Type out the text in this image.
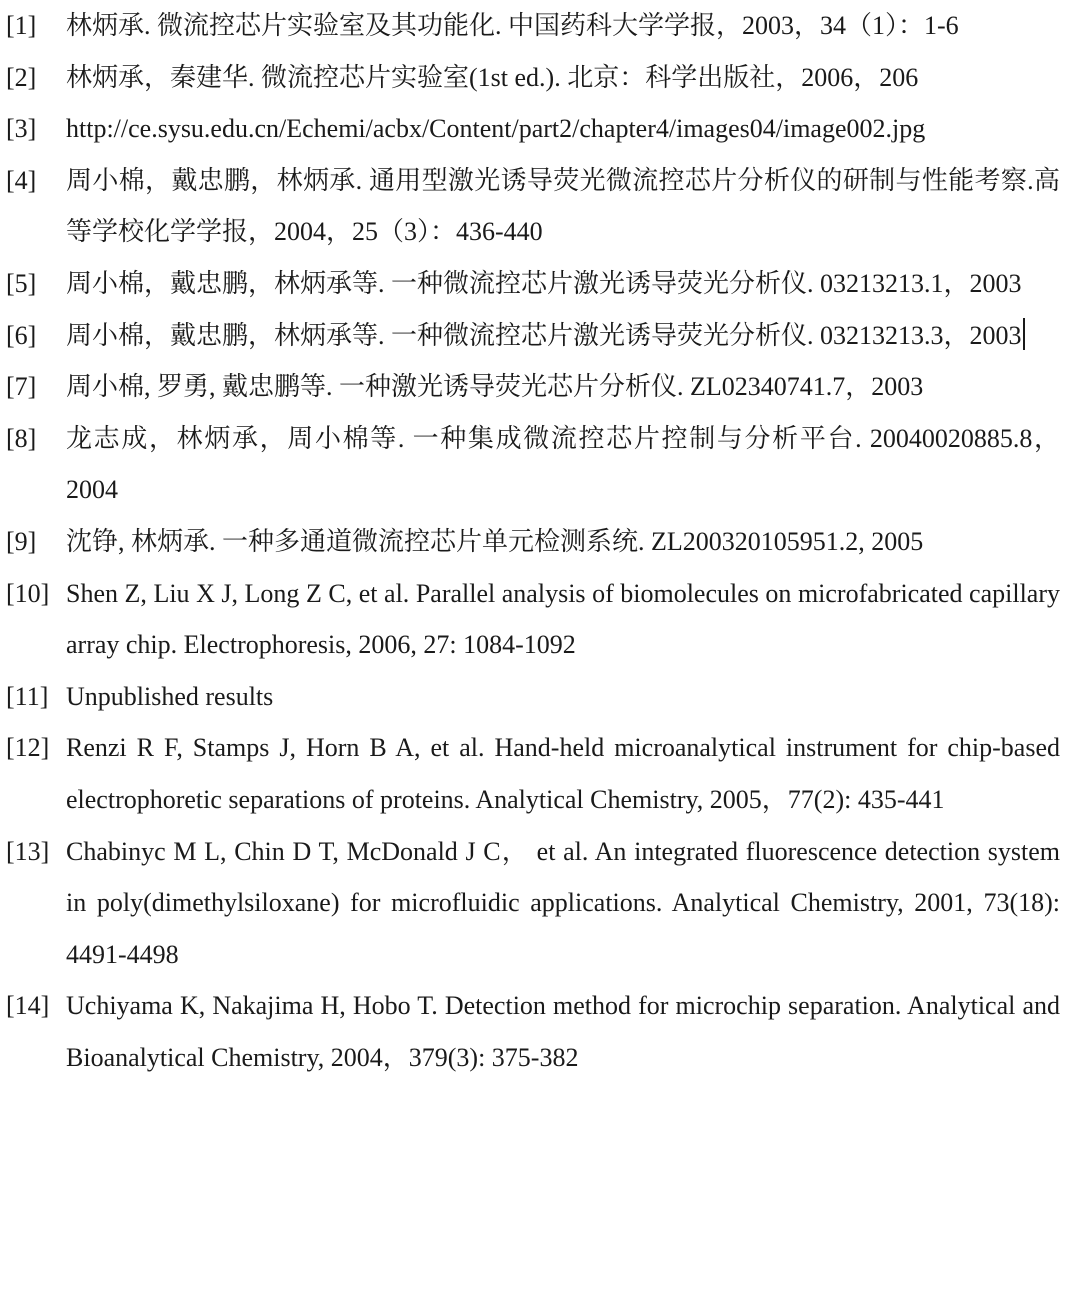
[1] 林炳承. 微流控芯片实验室及其功能化. 中国药科大学学报，2003，34（1）：1-6
[2] 林炳承，秦建华. 微流控芯片实验室(1st ed.). 北京：科学出版社，2006，206
[3] http://ce.sysu.edu.cn/Echemi/acbx/Content/part2/chapter4/images04/image002.jpg
[4] 周小棉，戴忠鹏，林炳承. 通用型激光诱导荧光微流控芯片分析仪的研制与性能考察.高等学校化学学报，2004，25（3）：436-440
[5] 周小棉，戴忠鹏，林炳承等. 一种微流控芯片激光诱导荧光分析仪. 03213213.1，2003
[6] 周小棉，戴忠鹏，林炳承等. 一种微流控芯片激光诱导荧光分析仪. 03213213.3，2003
[7] 周小棉, 罗勇, 戴忠鹏等. 一种激光诱导荧光芯片分析仪. ZL02340741.7，2003
[8] 龙志成，林炳承，周小棉等. 一种集成微流控芯片控制与分析平台. 20040020885.8，2004
[9] 沈铮, 林炳承. 一种多通道微流控芯片单元检测系统. ZL200320105951.2, 2005
[10] Shen Z, Liu X J, Long Z C, et al. Parallel analysis of biomolecules on microfabricated capillary array chip. Electrophoresis, 2006, 27: 1084-1092
[11] Unpublished results
[12] Renzi R F, Stamps J, Horn B A, et al. Hand-held microanalytical instrument for chip-based electrophoretic separations of proteins. Analytical Chemistry, 2005，77(2): 435-441
[13] Chabinyc M L, Chin D T, McDonald J C， et al. An integrated fluorescence detection system in poly(dimethylsiloxane) for microfluidic applications. Analytical Chemistry, 2001, 73(18): 4491-4498
[14] Uchiyama K, Nakajima H, Hobo T. Detection method for microchip separation. Analytical and Bioanalytical Chemistry, 2004，379(3): 375-382
